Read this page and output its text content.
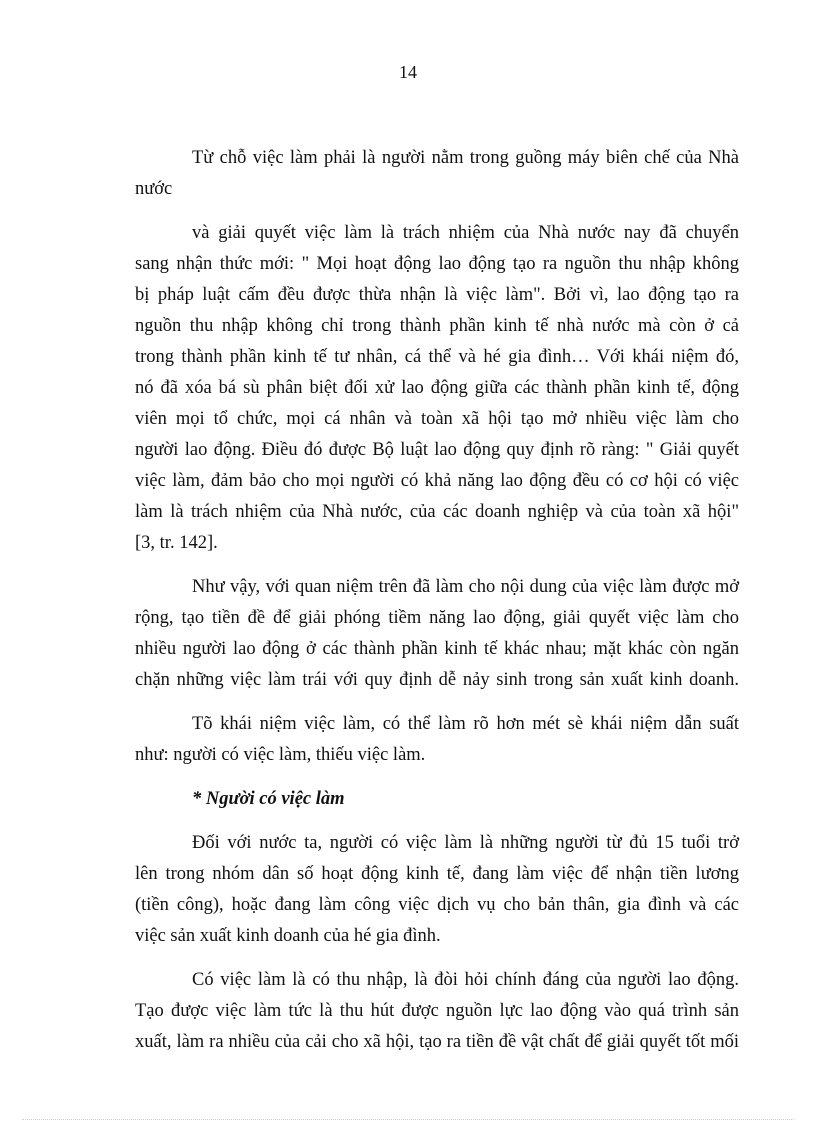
14
Từ chỗ việc làm phải là người nằm trong guồng máy biên chế của Nhà
nước
và giải quyết việc làm là trách nhiệm của Nhà nước nay đã chuyển
sang nhận thức mới: " Mọi hoạt động lao động tạo ra nguồn thu nhập không
bị pháp luật cấm đều được thừa nhận là việc làm". Bởi vì, lao động tạo ra
nguồn thu nhập không chỉ trong thành phần kinh tế nhà nước mà còn ở cả
trong thành phần kinh tế tư nhân, cá thể và hé gia đình… Với khái niệm đó,
nó đã xóa bá sù phân biệt đối xử lao động giữa các thành phần kinh tế, động
viên mọi tổ chức, mọi cá nhân và toàn xã hội tạo mở nhiều việc làm cho
người lao động. Điều đó được Bộ luật lao động quy định rõ ràng: " Giải quyết
việc làm, đảm bảo cho mọi người có khả năng lao động đều có cơ hội có việc
làm là trách nhiệm của Nhà nước, của các doanh nghiệp và của toàn xã hội"
[3, tr. 142].
Như vậy, với quan niệm trên đã làm cho nội dung của việc làm được mở
rộng, tạo tiền đề để giải phóng tiềm năng lao động, giải quyết việc làm cho
nhiều người lao động ở các thành phần kinh tế khác nhau; mặt khác còn ngăn
chặn những việc làm trái với quy định dễ nảy sinh trong sản xuất kinh doanh.
Tõ khái niệm việc làm, có thể làm rõ hơn mét sè khái niệm dẫn suất
như: người có việc làm, thiếu việc làm.
* Người có việc làm
Đối với nước ta, người có việc làm là những người từ đủ 15 tuổi trở
lên trong nhóm dân số hoạt động kinh tế, đang làm việc để nhận tiền lương
(tiền công), hoặc đang làm công việc dịch vụ cho bản thân, gia đình và các
việc sản xuất kinh doanh của hé gia đình.
Có việc làm là có thu nhập, là đòi hỏi chính đáng của người lao động.
Tạo được việc làm tức là thu hút được nguồn lực lao động vào quá trình sản
xuất, làm ra nhiều của cải cho xã hội, tạo ra tiền đề vật chất để giải quyết tốt mối
